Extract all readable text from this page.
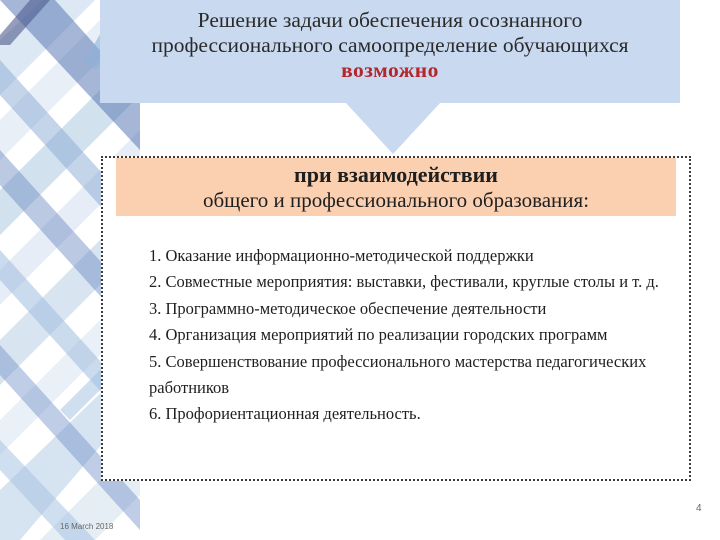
Решение задачи обеспечения осознанного
профессионального самоопределение обучающихся
возможно
при взаимодействии
общего и профессионального образования:
1. Оказание информационно-методической поддержки
2. Совместные мероприятия: выставки, фестивали, круглые столы и т. д.
3. Программно-методическое обеспечение деятельности
4. Организация мероприятий по реализации городских программ
5. Совершенствование профессионального мастерства педагогических работников
6. Профориентационная деятельность.
4
16 March 2018
